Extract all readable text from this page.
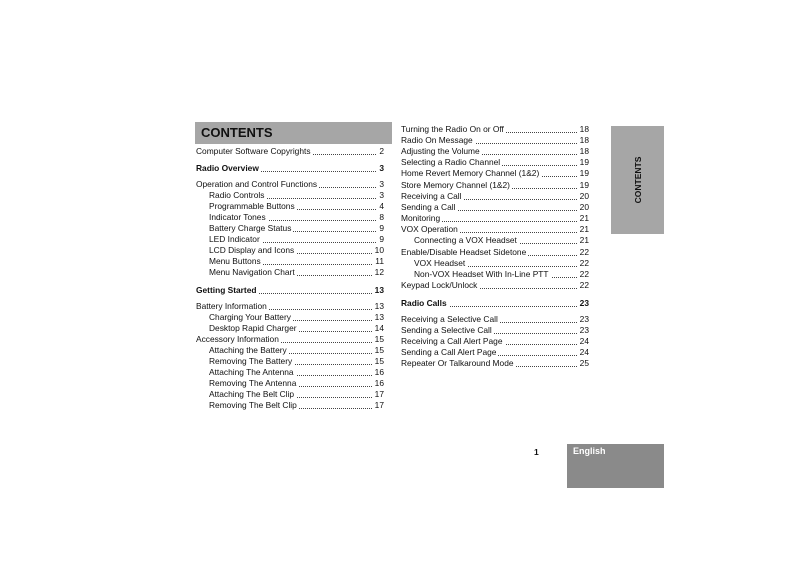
CONTENTS
Computer Software Copyrights	2
Radio Overview	3
Operation and Control Functions	3
Radio Controls	3
Programmable Buttons	4
Indicator Tones	8
Battery Charge Status	9
LED Indicator	9
LCD Display and Icons	10
Menu Buttons	11
Menu Navigation Chart	12
Getting Started	13
Battery Information	13
Charging Your Battery	13
Desktop Rapid Charger	14
Accessory Information	15
Attaching the Battery	15
Removing The Battery	15
Attaching The Antenna	16
Removing The Antenna	16
Attaching The Belt Clip	17
Removing The Belt Clip	17
Turning the Radio On or Off	18
Radio On Message	18
Adjusting the Volume	18
Selecting a Radio Channel	19
Home Revert Memory Channel (1&2)	19
Store Memory Channel (1&2)	19
Receiving a Call	20
Sending a Call	20
Monitoring	21
VOX Operation	21
Connecting a VOX Headset	21
Enable/Disable Headset Sidetone	22
VOX Headset	22
Non-VOX Headset With In-Line PTT	22
Keypad Lock/Unlock	22
Radio Calls	23
Receiving a Selective Call	23
Sending a Selective Call	23
Receiving a Call Alert Page	24
Sending a Call Alert Page	24
Repeater Or Talkaround Mode	25
CONTENTS
1	English
